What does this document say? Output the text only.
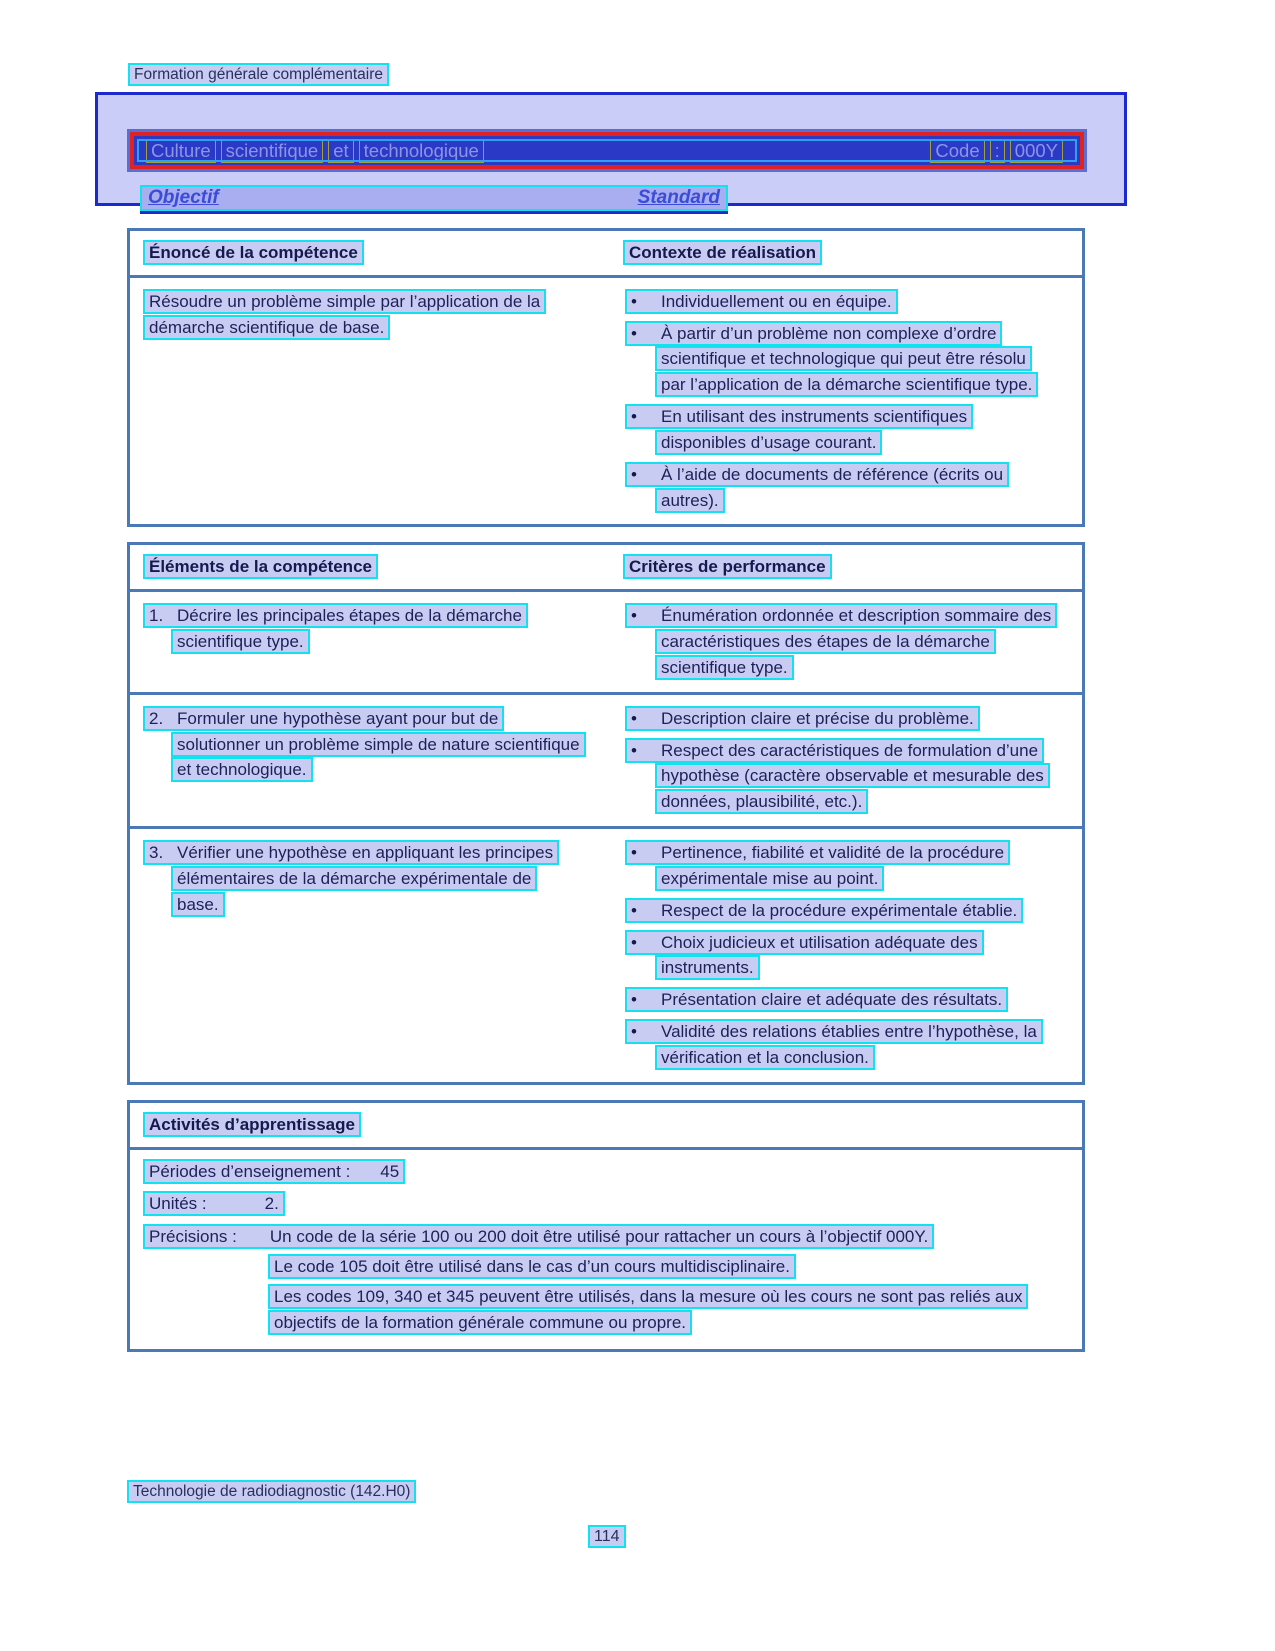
Formation générale complémentaire
Culture scientifique et technologique	Code : 000Y
Objectif	Standard
Énoncé de la compétence	Contexte de réalisation

Résoudre un problème simple par l’application de la démarche scientifique de base.

• Individuellement ou en équipe.

• À partir d’un problème non complexe d’ordre scientifique et technologique qui peut être résolu par l’application de la démarche scientifique type.

• En utilisant des instruments scientifiques disponibles d’usage courant.

• À l’aide de documents de référence (écrits ou autres).

Éléments de la compétence	Critères de performance

1. Décrire les principales étapes de la démarche scientifique type.

• Énumération ordonnée et description sommaire des caractéristiques des étapes de la démarche scientifique type.

2. Formuler une hypothèse ayant pour but de solutionner un problème simple de nature scientifique et technologique.

• Description claire et précise du problème.

• Respect des caractéristiques de formulation d’une hypothèse (caractère observable et mesurable des données, plausibilité, etc.).

3. Vérifier une hypothèse en appliquant les principes élémentaires de la démarche expérimentale de base.

• Pertinence, fiabilité et validité de la procédure expérimentale mise au point.

• Respect de la procédure expérimentale établie.

• Choix judicieux et utilisation adéquate des instruments.

• Présentation claire et adéquate des résultats.

• Validité des relations établies entre l’hypothèse, la vérification et la conclusion.

Activités d’apprentissage
Périodes d’enseignement : 45
Unités :	2.
Précisions : Un code de la série 100 ou 200 doit être utilisé pour rattacher un cours à l’objectif 000Y.
Le code 105 doit être utilisé dans le cas d’un cours multidisciplinaire.
Les codes 109, 340 et 345 peuvent être utilisés, dans la mesure où les cours ne sont pas reliés aux objectifs de la formation générale commune ou propre.
Technologie de radiodiagnostic (142.H0)
114
